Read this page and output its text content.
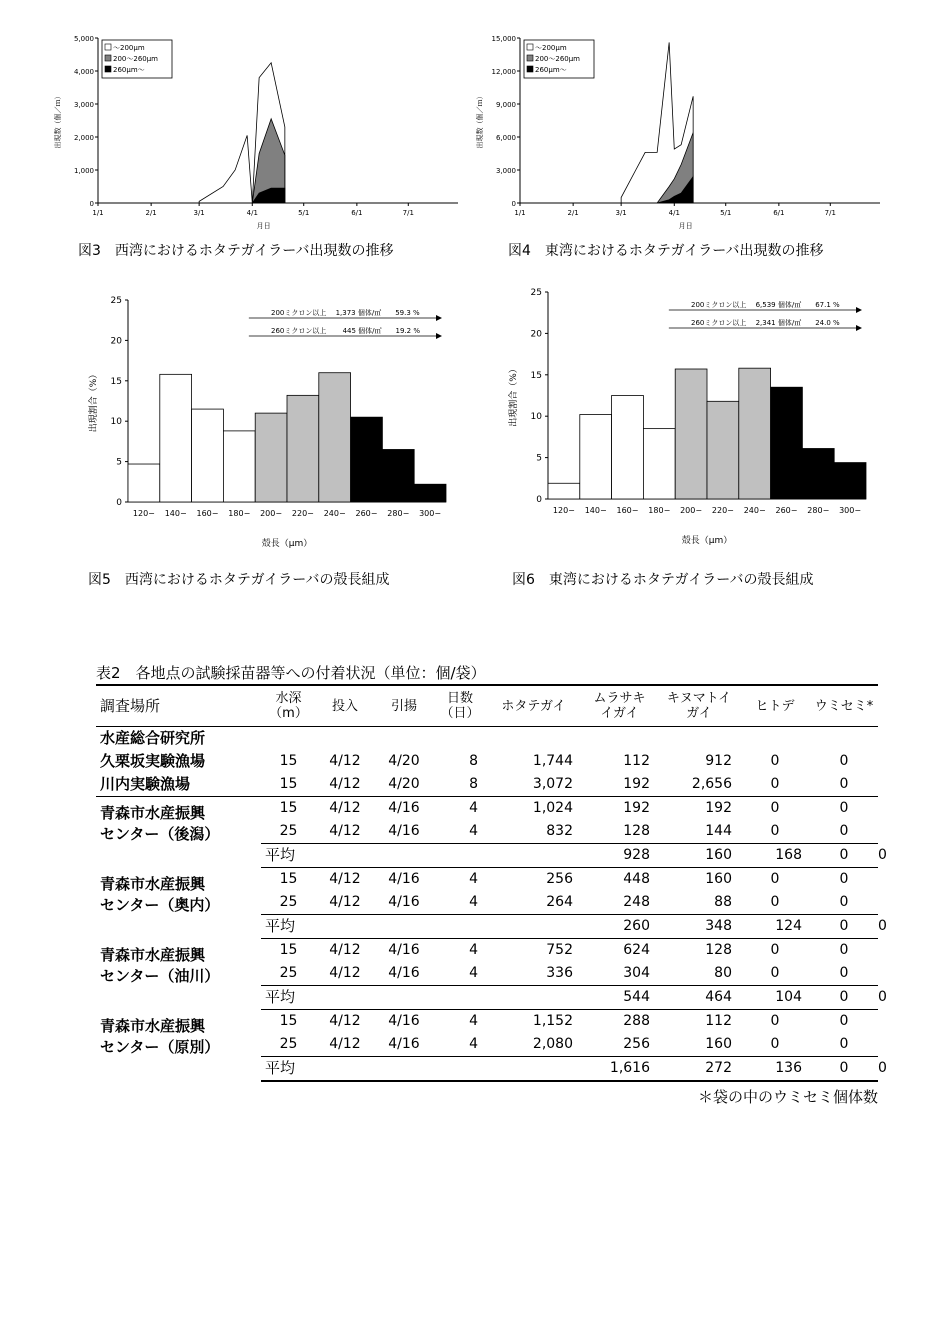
0
1,000
2,000
3,000
4,000
5,000
1/1	2/1	3/1	4/1	5/1	6/1	7/1
月日
出現数（個／ｍ）
～200μm
200～260μm
260μm～
図3　西湾におけるホタテガイラーバ出現数の推移
0
3,000
6,000
9,000
12,000
15,000
1/1	2/1	3/1	4/1	5/1	6/1	7/1
月日
出現数（個／ｍ）
～200μm
200～260μm
260μm～
図4　東湾におけるホタテガイラーバ出現数の推移
0
5
10
15
20
25
120− 140− 160− 180− 200− 220− 240− 260− 280− 300−
殻長（μm）
出現割合（%）
200ミクロン以上　 1,373 個体/㎥　　59.3 %
260ミクロン以上　　 445 個体/㎥　　19.2 %
図5　西湾におけるホタテガイラーバの殻長組成
0
5
10
15
20
25
120− 140− 160− 180− 200− 220− 240− 260− 280− 300−
殻長（μm）
出現割合（%）
200ミクロン以上　 6,539 個体/㎥　　67.1 %
260ミクロン以上　 2,341 個体/㎥　　24.0 %
図6　東湾におけるホタテガイラーバの殻長組成
表2　各地点の試験採苗器等への付着状況（単位：個/袋）
調査場所	水深
（m）	投入	引揚	日数
（日）	ホタテガイ	ムラサキ
イガイ	キヌマトイ
ガイ	ヒトデ	ウミセミ*	
水産総合研究所										
久栗坂実験漁場	15	4/12	4/20	8	1,744	112	912	0	0	
川内実験漁場	15	4/12	4/20	8	3,072	192	2,656	0	0	
青森市水産振興
センター（後潟）	15	4/12	4/16	4	1,024	192	192	0	0	
	25	4/12	4/16	4	832	128	144	0	0	
	平均					928	160	168	0	0
青森市水産振興
センター（奥内）	15	4/12	4/16	4	256	448	160	0	0	
	25	4/12	4/16	4	264	248	88	0	0	
	平均					260	348	124	0	0
青森市水産振興
センター（油川）	15	4/12	4/16	4	752	624	128	0	0	
	25	4/12	4/16	4	336	304	80	0	0	
	平均					544	464	104	0	0
青森市水産振興
センター（原別）	15	4/12	4/16	4	1,152	288	112	0	0	
	25	4/12	4/16	4	2,080	256	160	0	0	
	平均					1,616	272	136	0	0
＊袋の中のウミセミ個体数
